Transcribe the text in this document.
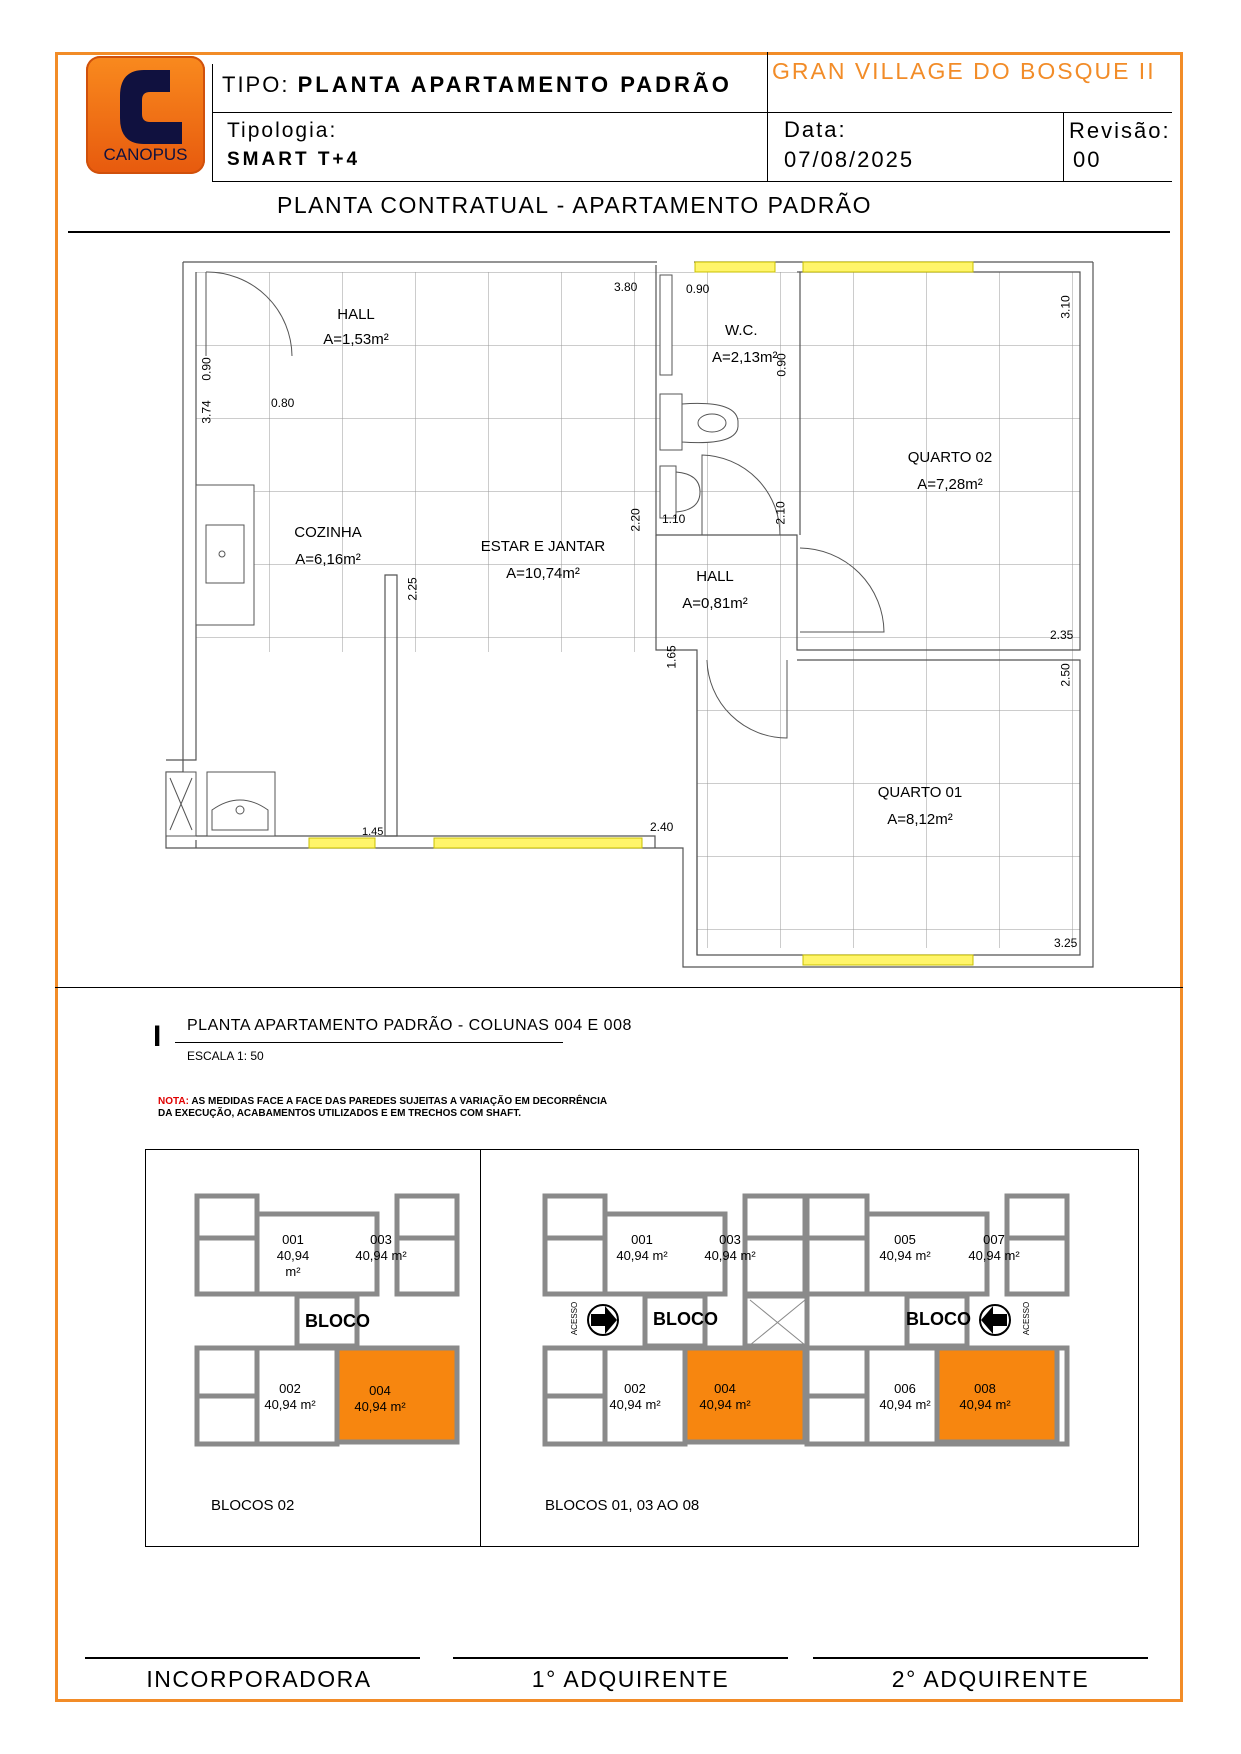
CANOPUS
TIPO: PLANTA APARTAMENTO PADRÃO
GRAN VILLAGE DO BOSQUE II
Tipologia:
SMART T+4
Data:
07/08/2025
Revisão:
00
PLANTA CONTRATUAL - APARTAMENTO PADRÃO
HALL
A=1,53m²
W.C.
A=2,13m²
QUARTO 02
A=7,28m²
COZINHA
A=6,16m²
ESTAR E JANTAR
A=10,74m²	HALL
A=0,81m²
QUARTO 01
A=8,12m²
3.80	0.90
3.10
0.90
3.74	0.80
0.90
2.20 1.10	2.10
2.25
2.35
1.65
2.50
1.45	2.40
3.25
I PLANTA APARTAMENTO PADRÃO - COLUNAS 004 E 008
ESCALA 1: 50
NOTA: AS MEDIDAS FACE A FACE DAS PAREDES SUJEITAS A VARIAÇÃO EM DECORRÊNCIA
DA EXECUÇÃO, ACABAMENTOS UTILIZADOS E EM TRECHOS COM SHAFT.
001
40,94 m²
003
40,94 m²
BLOCO
002
40,94 m²
004
40,94 m²
BLOCOS 02
001
40,94 m²
003
40,94 m²
005
40,94 m²
007
40,94 m²
BLOCO	BLOCO
ACESSO	ACESSO
002
40,94 m²
004
40,94 m²
006
40,94 m²
008
40,94 m²
BLOCOS 01, 03 AO 08
INCORPORADORA	1° ADQUIRENTE	2° ADQUIRENTE
